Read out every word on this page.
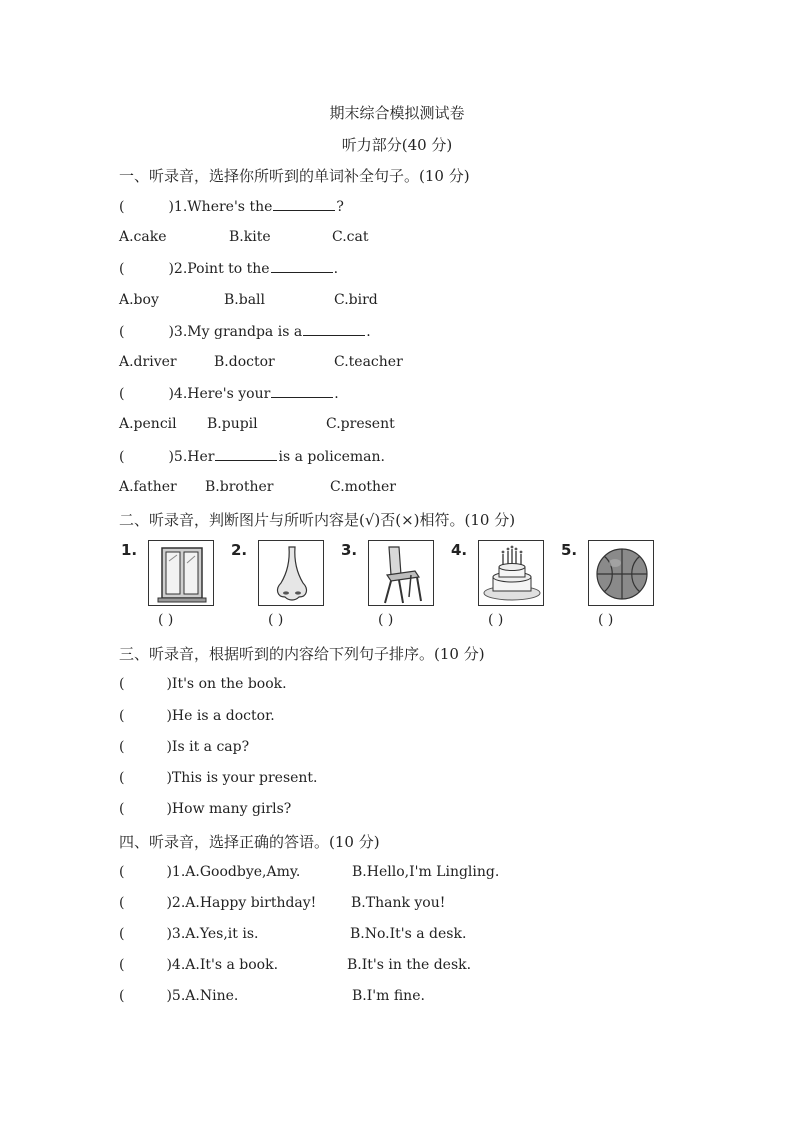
期末综合模拟测试卷
听力部分(40 分)
一、听录音，选择你所听到的单词补全句子。(10 分)
(	)1.Where's the	?
A.cake	B.kite	C.cat
(	)2.Point to the	.
A.boy	B.ball	C.bird
(	)3.My grandpa is a	.
A.driver	B.doctor	C.teacher
(	)4.Here's your	.
A.pencil B.pupil	C.present
(	)5.Her	is a policeman.
A.father B.brother	C.mother
二、听录音，判断图片与所听内容是(√)否(×)相符。(10 分)
1.
( )
2.
( )
3.
( )
4.
( )
5.
( )
三、听录音，根据听到的内容给下列句子排序。(10 分)
(	)It's on the book.
(	)He is a doctor.
(	)Is it a cap?
(	)This is your present.
(	)How many girls?
四、听录音，选择正确的答语。(10 分)
(	)1.A.Goodbye,Amy.	B.Hello,I'm Lingling.
(	)2.A.Happy birthday! B.Thank you!
(	)3.A.Yes,it is.	B.No.It's a desk.
(	)4.A.It's a book.	B.It's in the desk.
(	)5.A.Nine.	B.I'm fine.
